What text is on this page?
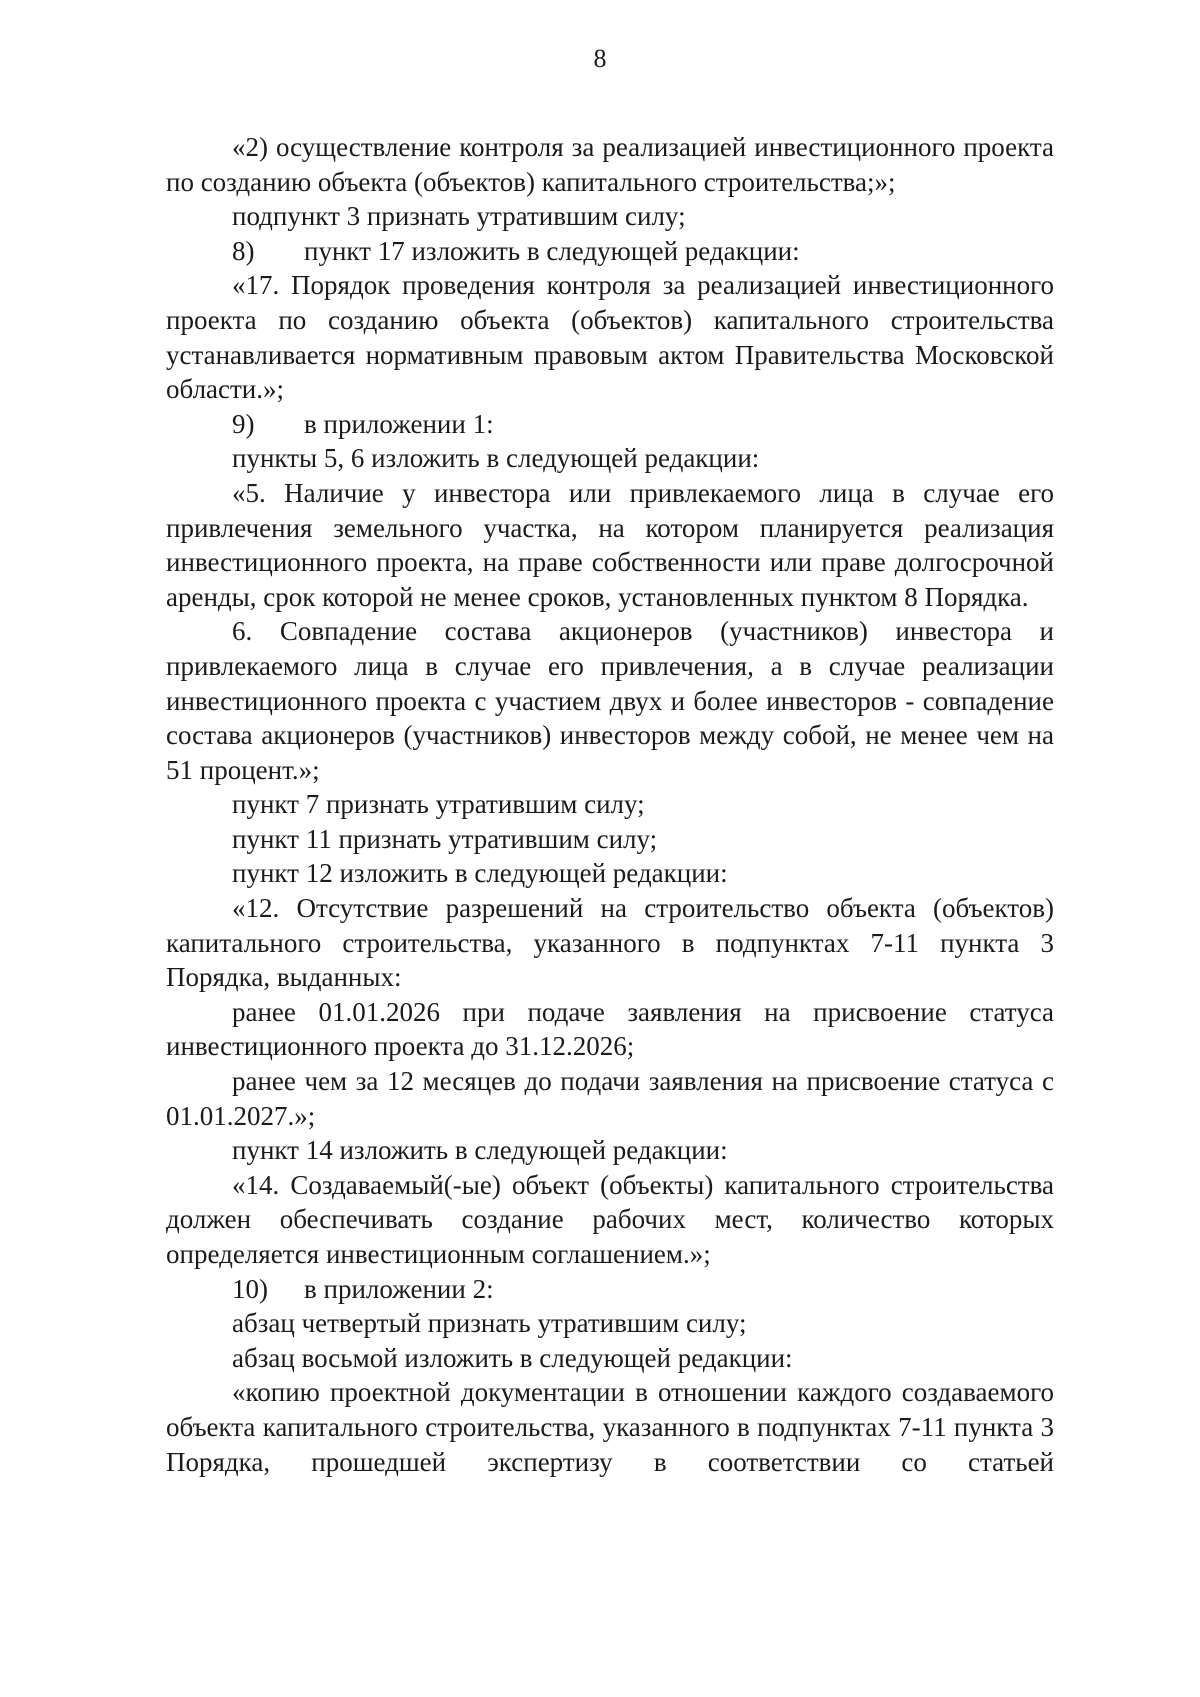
8

«2) осуществление контроля за реализацией инвестиционного проекта по созданию объекта (объектов) капитального строительства;»;

подпункт 3 признать утратившим силу;

8) пункт 17 изложить в следующей редакции:

«17. Порядок проведения контроля за реализацией инвестиционного проекта по созданию объекта (объектов) капитального строительства устанавливается нормативным правовым актом Правительства Московской области.»;

9) в приложении 1:

пункты 5, 6 изложить в следующей редакции:

«5. Наличие у инвестора или привлекаемого лица в случае его привлечения земельного участка, на котором планируется реализация инвестиционного проекта, на праве собственности или праве долгосрочной аренды, срок которой не менее сроков, установленных пунктом 8 Порядка.

6. Совпадение состава акционеров (участников) инвестора и привлекаемого лица в случае его привлечения, а в случае реализации инвестиционного проекта с участием двух и более инвесторов - совпадение состава акционеров (участников) инвесторов между собой, не менее чем на 51 процент.»;

пункт 7 признать утратившим силу;

пункт 11 признать утратившим силу;

пункт 12 изложить в следующей редакции:

«12. Отсутствие разрешений на строительство объекта (объектов) капитального строительства, указанного в подпунктах 7-11 пункта 3 Порядка, выданных:

ранее 01.01.2026 при подаче заявления на присвоение статуса инвестиционного проекта до 31.12.2026;

ранее чем за 12 месяцев до подачи заявления на присвоение статуса с 01.01.2027.»;

пункт 14 изложить в следующей редакции:

«14. Создаваемый(-ые) объект (объекты) капитального строительства должен обеспечивать создание рабочих мест, количество которых определяется инвестиционным соглашением.»;

10) в приложении 2:

абзац четвертый признать утратившим силу;

абзац восьмой изложить в следующей редакции:

«копию проектной документации в отношении каждого создаваемого объекта капитального строительства, указанного в подпунктах 7-11 пункта 3 Порядка, прошедшей экспертизу в соответствии со статьей
